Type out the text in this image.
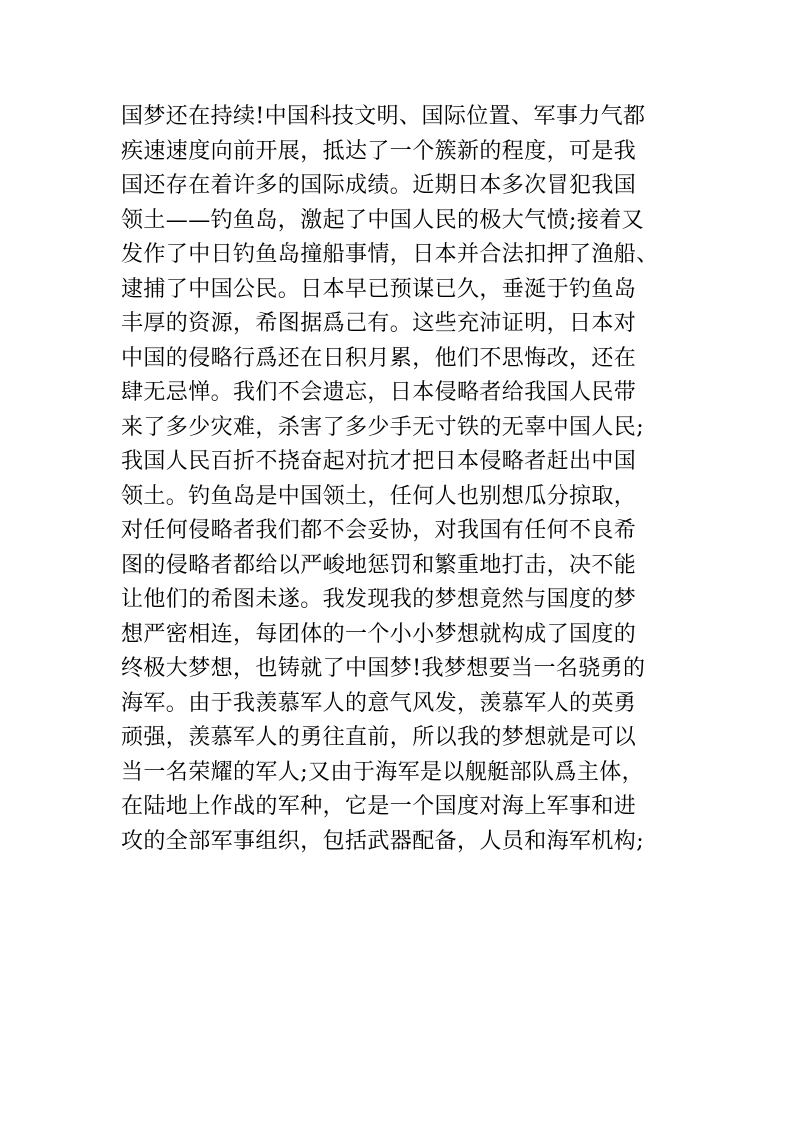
国梦还在持续!中国科技文明、国际位置、军事力气都
疾速速度向前开展，抵达了一个簇新的程度，可是我
国还存在着许多的国际成绩。近期日本多次冒犯我国
领土——钓鱼岛，激起了中国人民的极大气愤;接着又
发作了中日钓鱼岛撞船事情，日本并合法扣押了渔船、
逮捕了中国公民。日本早已预谋已久，垂涎于钓鱼岛
丰厚的资源，希图据爲己有。这些充沛证明，日本对
中国的侵略行爲还在日积月累，他们不思悔改，还在
肆无忌惮。我们不会遗忘，日本侵略者给我国人民带
来了多少灾难，杀害了多少手无寸铁的无辜中国人民;
我国人民百折不挠奋起对抗才把日本侵略者赶出中国
领土。钓鱼岛是中国领土，任何人也别想瓜分掠取，
对任何侵略者我们都不会妥协，对我国有任何不良希
图的侵略者都给以严峻地惩罚和繁重地打击，决不能
让他们的希图未遂。我发现我的梦想竟然与国度的梦
想严密相连，每团体的一个小小梦想就构成了国度的
终极大梦想，也铸就了中国梦!我梦想要当一名骁勇的
海军。由于我羡慕军人的意气风发，羡慕军人的英勇
顽强，羡慕军人的勇往直前，所以我的梦想就是可以
当一名荣耀的军人;又由于海军是以舰艇部队爲主体，
在陆地上作战的军种，它是一个国度对海上军事和进
攻的全部军事组织，包括武器配备，人员和海军机构;
